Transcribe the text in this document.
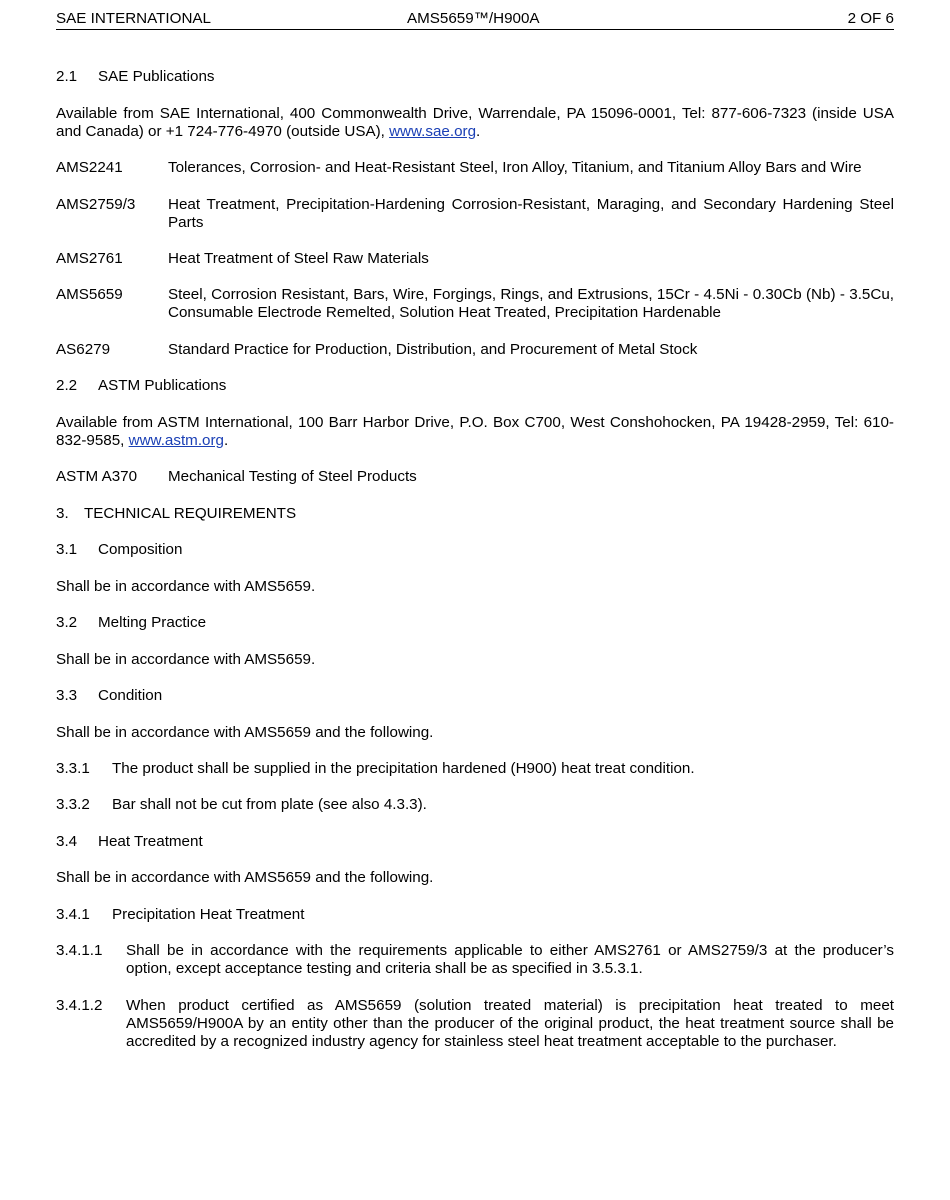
SAE INTERNATIONAL	AMS5659™/H900A	2 OF 6
2.1 SAE Publications
Available from SAE International, 400 Commonwealth Drive, Warrendale, PA 15096-0001, Tel: 877-606-7323 (inside USA and Canada) or +1 724-776-4970 (outside USA), www.sae.org.
AMS2241	Tolerances, Corrosion- and Heat-Resistant Steel, Iron Alloy, Titanium, and Titanium Alloy Bars and Wire
AMS2759/3	Heat Treatment, Precipitation-Hardening Corrosion-Resistant, Maraging, and Secondary Hardening Steel Parts
AMS2761	Heat Treatment of Steel Raw Materials
AMS5659	Steel, Corrosion Resistant, Bars, Wire, Forgings, Rings, and Extrusions, 15Cr - 4.5Ni - 0.30Cb (Nb) - 3.5Cu, Consumable Electrode Remelted, Solution Heat Treated, Precipitation Hardenable
AS6279	Standard Practice for Production, Distribution, and Procurement of Metal Stock
2.2 ASTM Publications
Available from ASTM International, 100 Barr Harbor Drive, P.O. Box C700, West Conshohocken, PA 19428-2959, Tel: 610-832-9585, www.astm.org.
ASTM A370	Mechanical Testing of Steel Products
3. TECHNICAL REQUIREMENTS
3.1 Composition
Shall be in accordance with AMS5659.
3.2 Melting Practice
Shall be in accordance with AMS5659.
3.3 Condition
Shall be in accordance with AMS5659 and the following.
3.3.1 The product shall be supplied in the precipitation hardened (H900) heat treat condition.
3.3.2 Bar shall not be cut from plate (see also 4.3.3).
3.4 Heat Treatment
Shall be in accordance with AMS5659 and the following.
3.4.1 Precipitation Heat Treatment
3.4.1.1	Shall be in accordance with the requirements applicable to either AMS2761 or AMS2759/3 at the producer’s option, except acceptance testing and criteria shall be as specified in 3.5.3.1.
3.4.1.2	When product certified as AMS5659 (solution treated material) is precipitation heat treated to meet AMS5659/H900A by an entity other than the producer of the original product, the heat treatment source shall be accredited by a recognized industry agency for stainless steel heat treatment acceptable to the purchaser.
